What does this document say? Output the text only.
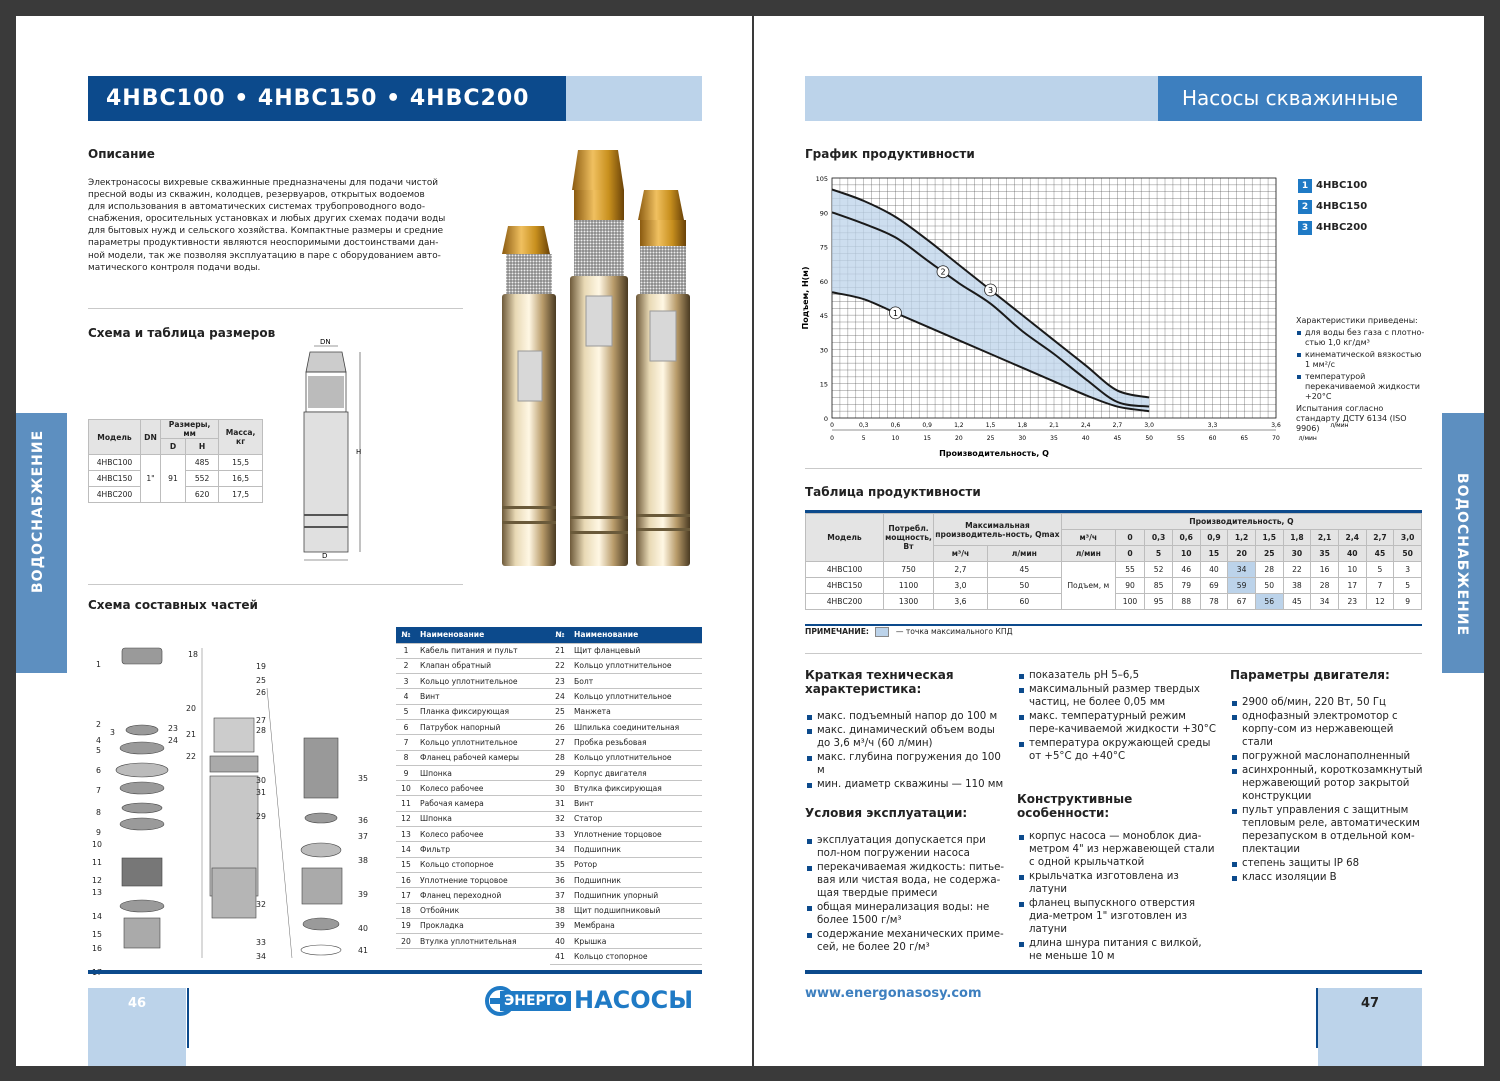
4НВС100 • 4НВС150 • 4НВС200
Описание
Электронасосы вихревые скважинные предназначены для подачи чистой
пресной воды из скважин, колодцев, резервуаров, открытых водоемов
для использования в автоматических системах трубопроводного водо-
снабжения, оросительных установках и любых других схемах подачи воды
для бытовых нужд и сельского хозяйства. Компактные размеры и средние
параметры продуктивности являются неоспоримыми достоинствами дан-
ной модели, так же позволяя эксплуатацию в паре с оборудованием авто-
матического контроля подачи воды.
Схема и таблица размеров
Модель	DN	Размеры, мм		Масса, кг
		D	H	
4НВС100	1"	91	485	15,5
4НВС150			552	16,5
4НВС200			620	17,5
DN
H
D
Схема составных частей
1
2
3
4
5
6
7
8
9
10
11
12
13
14
15
16
18
19
20
21
22
23
24
25
26
27
28
29
30
31
32
33
34
35
36
37
38
39
40
41
№	Наименование
1	Кабель питания и пульт
2	Клапан обратный
3	Кольцо уплотнительное
4	Винт
5	Планка фиксирующая
6	Патрубок напорный
7	Кольцо уплотнительное
8	Фланец рабочей камеры
9	Шпонка
10	Колесо рабочее
11	Рабочая камера
12	Шпонка
13	Колесо рабочее
14	Фильтр
15	Кольцо стопорное
16	Уплотнение торцовое
17	Фланец переходной
18	Отбойник
19	Прокладка
20	Втулка уплотнительная
№	Наименование
21	Щит фланцевый
22	Кольцо уплотнительное
23	Болт
24	Кольцо уплотнительное
25	Манжета
26	Шпилька соединительная
27	Пробка резьбовая
28	Кольцо уплотнительное
29	Корпус двигателя
30	Втулка фиксирующая
31	Винт
32	Статор
33	Уплотнение торцовое
34	Подшипник
35	Ротор
36	Подшипник
37	Подшипник упорный
38	Щит подшипниковый
39	Мембрана
40	Крышка
41	Кольцо стопорное
ВОДОСНАБЖЕНИЕ
46	ЭНЕРГО НАСОСЫ
Насосы скважинные
График продуктивности
1
2
3
0
15
30
45
60
75
90
105
0	0,3	0,6	0,9	1,2	1,5	1,8	2,1	2,4	2,7	3,0	3,3	3,6	л/мин
0	5	10	15	20	25	30	35	40	45	50	55	60	65	70	л/мин
Производительность, Q
Подъем, H(м)
1 4НВС100
2 4НВС150
3 4НВС200
Характеристики приведены:
для воды без газа с плотно-стью 1,0 кг/дм³
кинематической вязкостью 1 мм²/с
температурой перекачиваемой жидкости +20°С
Испытания согласно стандарту ДСТУ 6134 (ISO 9906)
Таблица продуктивности
Модель	Потребл. мощность, Вт	Максимальная производитель-ность, Qmax		Производительность, Q											
				м³/ч	0	0,3	0,6	0,9	1,2	1,5	1,8	2,1	2,4	2,7	3,0
		м³/ч	л/мин	л/мин	0	5	10	15	20	25	30	35	40	45	50
4НВС100	750	2,7	45	Подъем, м	55	52	46	40	34	28	22	16	10	5	3
4НВС150	1100	3,0	50		90	85	79	69	59	50	38	28	17	7	5
4НВС200	1300	3,6	60		100	95	88	78	67	56	45	34	23	12	9
ПРИМЕЧАНИЕ:	— точка максимального КПД
Краткая техническая характеристика:
макс. подъемный напор до 100 м
макс. динамический объем воды до 3,6 м³/ч (60 л/мин)
макс. глубина погружения до 100 м
мин. диаметр скважины — 110 мм
Условия эксплуатации:
эксплуатация допускается при пол-ном погружении насоса
перекачиваемая жидкость: питье-вая или чистая вода, не содержа-щая твердые примеси
общая минерализация воды: не более 1500 г/м³
содержание механических приме-сей, не более 20 г/м³
показатель pH 5–6,5
максимальный размер твердых частиц, не более 0,05 мм
макс. температурный режим пере-качиваемой жидкости +30°С
температура окружающей среды от +5°С до +40°С
Конструктивные особенности:
корпус насоса — моноблок диа-метром 4" из нержавеющей стали с одной крыльчаткой
крыльчатка изготовлена из латуни
фланец выпускного отверстия диа-метром 1" изготовлен из латуни
длина шнура питания с вилкой, не меньше 10 м
Параметры двигателя:
2900 об/мин, 220 Вт, 50 Гц
однофазный электромотор с корпу-сом из нержавеющей стали
погружной маслонаполненный
асинхронный, короткозамкнутый нержавеющий ротор закрытой конструкции
пульт управления с защитным тепловым реле, автоматическим перезапуском в отдельной ком-плектации
степень защиты IP 68
класс изоляции B
ВОДОСНАБЖЕНИЕ
www.energonasosy.com
47
